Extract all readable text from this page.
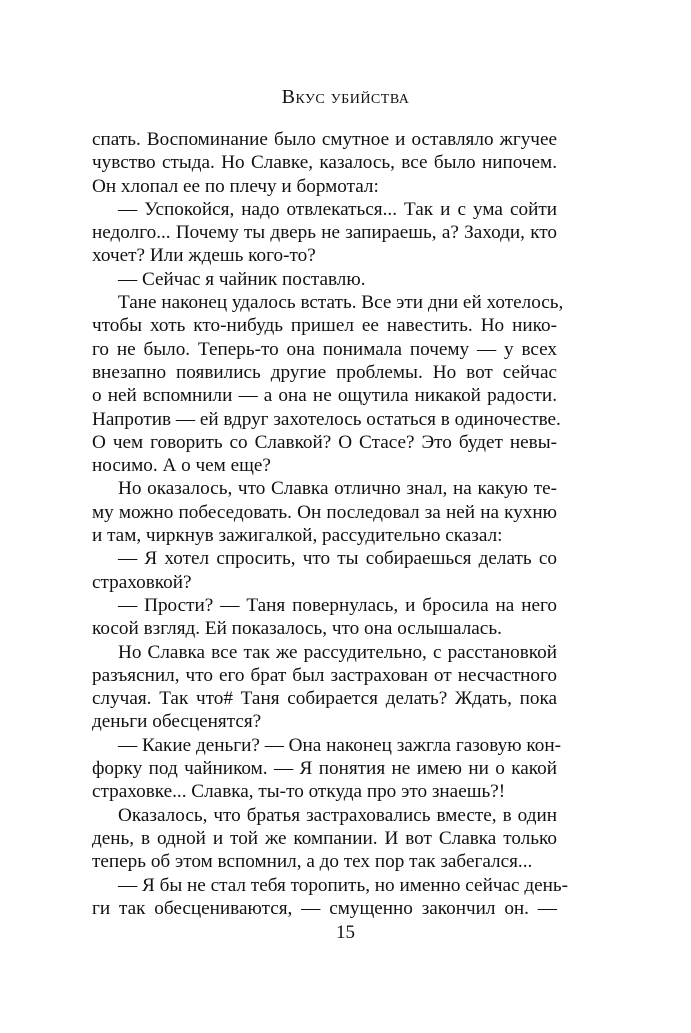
Вкус убийства
спать. Воспоминание было смутное и оставляло жгучее
чувство стыда. Но Славке, казалось, все было нипочем.
Он хлопал ее по плечу и бормотал:
— Успокойся, надо отвлекаться... Так и с ума сойти
недолго... Почему ты дверь не запираешь, а? Заходи, кто
хочет? Или ждешь кого-то?
— Сейчас я чайник поставлю.
Тане наконец удалось встать. Все эти дни ей хотелось,
чтобы хоть кто-нибудь пришел ее навестить. Но нико-
го не было. Теперь-то она понимала почему — у всех
внезапно появились другие проблемы. Но вот сейчас
о ней вспомнили — а она не ощутила никакой радости.
Напротив — ей вдруг захотелось остаться в одиночестве.
О чем говорить со Славкой? О Стасе? Это будет невы-
носимо. А о чем еще?
Но оказалось, что Славка отлично знал, на какую те-
му можно побеседовать. Он последовал за ней на кухню
и там, чиркнув зажигалкой, рассудительно сказал:
— Я хотел спросить, что ты собираешься делать со
страховкой?
— Прости? — Таня повернулась, и бросила на него
косой взгляд. Ей показалось, что она ослышалась.
Но Славка все так же рассудительно, с расстановкой
разъяснил, что его брат был застрахован от несчастного
случая. Так что# Таня собирается делать? Ждать, пока
деньги обесценятся?
— Какие деньги? — Она наконец зажгла газовую кон-
форку под чайником. — Я понятия не имею ни о какой
страховке... Славка, ты-то откуда про это знаешь?!
Оказалось, что братья застраховались вместе, в один
день, в одной и той же компании. И вот Славка только
теперь об этом вспомнил, а до тех пор так забегался...
— Я бы не стал тебя торопить, но именно сейчас день-
ги так обесцениваются, — смущенно закончил он. —
15
